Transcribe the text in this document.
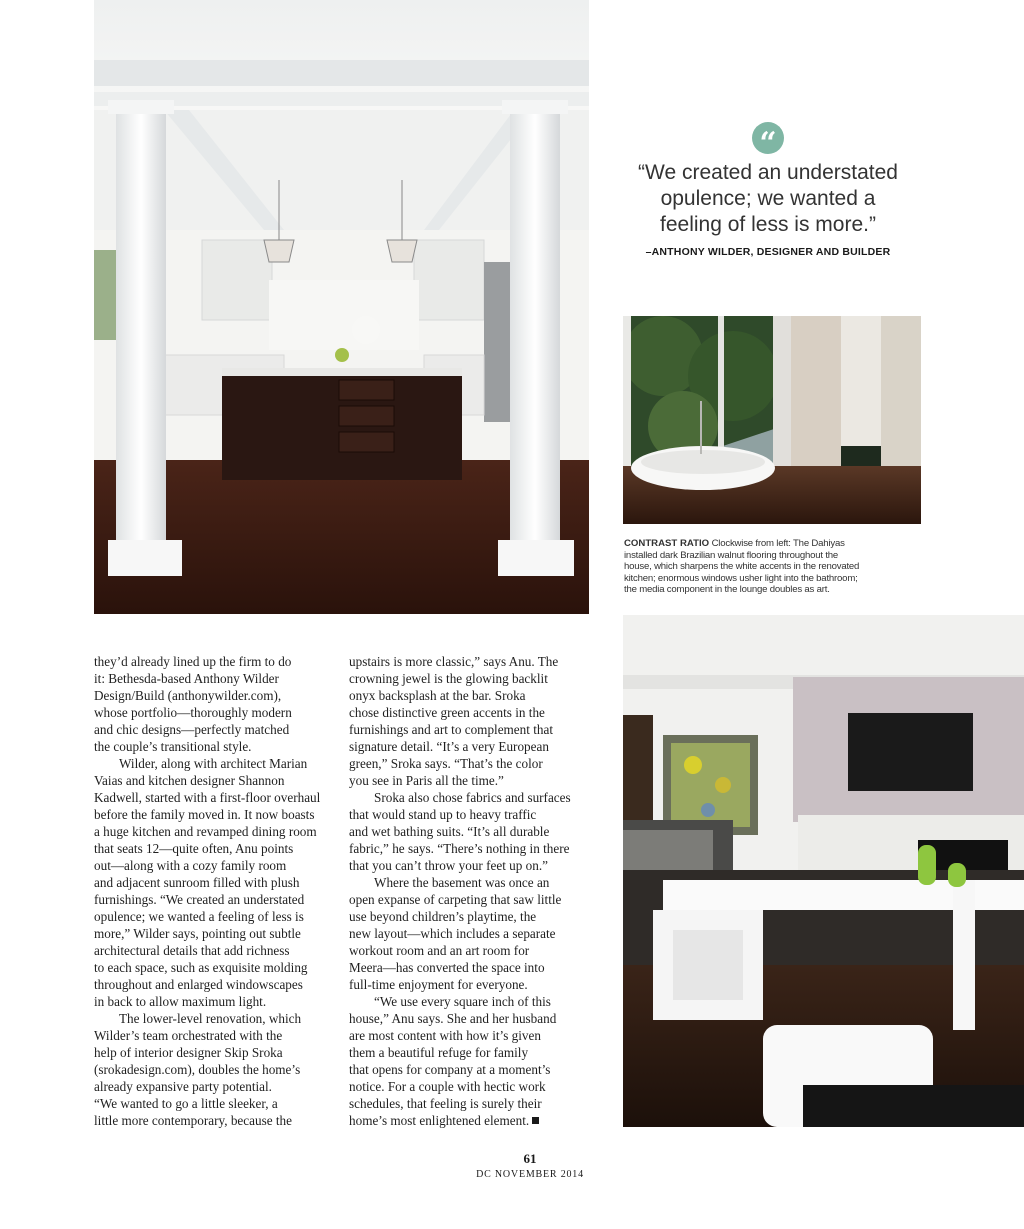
“

“We created an understated
opulence; we wanted a
feeling of less is more.”

–ANTHONY WILDER, DESIGNER AND BUILDER
CONTRAST RATIO Clockwise from left: The Dahiyas
installed dark Brazilian walnut flooring throughout the
house, which sharpens the white accents in the renovated
kitchen; enormous windows usher light into the bathroom;
the media component in the lounge doubles as art.
they’d already lined up the firm to do
it: Bethesda-based Anthony Wilder
Design/Build (anthonywilder.com),
whose portfolio—thoroughly modern
and chic designs—perfectly matched
the couple’s transitional style.
Wilder, along with architect Marian
Vaias and kitchen designer Shannon
Kadwell, started with a first-floor overhaul
before the family moved in. It now boasts
a huge kitchen and revamped dining room
that seats 12—quite often, Anu points
out—along with a cozy family room
and adjacent sunroom filled with plush
furnishings. “We created an understated
opulence; we wanted a feeling of less is
more,” Wilder says, pointing out subtle
architectural details that add richness
to each space, such as exquisite molding
throughout and enlarged windowscapes
in back to allow maximum light.
The lower-level renovation, which
Wilder’s team orchestrated with the
help of interior designer Skip Sroka
(srokadesign.com), doubles the home’s
already expansive party potential.
“We wanted to go a little sleeker, a
little more contemporary, because the
upstairs is more classic,” says Anu. The
crowning jewel is the glowing backlit
onyx backsplash at the bar. Sroka
chose distinctive green accents in the
furnishings and art to complement that
signature detail. “It’s a very European
green,” Sroka says. “That’s the color
you see in Paris all the time.”
Sroka also chose fabrics and surfaces
that would stand up to heavy traffic
and wet bathing suits. “It’s all durable
fabric,” he says. “There’s nothing in there
that you can’t throw your feet up on.”
Where the basement was once an
open expanse of carpeting that saw little
use beyond children’s playtime, the
new layout—which includes a separate
workout room and an art room for
Meera—has converted the space into
full-time enjoyment for everyone.
“We use every square inch of this
house,” Anu says. She and her husband
are most content with how it’s given
them a beautiful refuge for family
that opens for company at a moment’s
notice. For a couple with hectic work
schedules, that feeling is surely their
home’s most enlightened element.
61
DC NOVEMBER 2014
